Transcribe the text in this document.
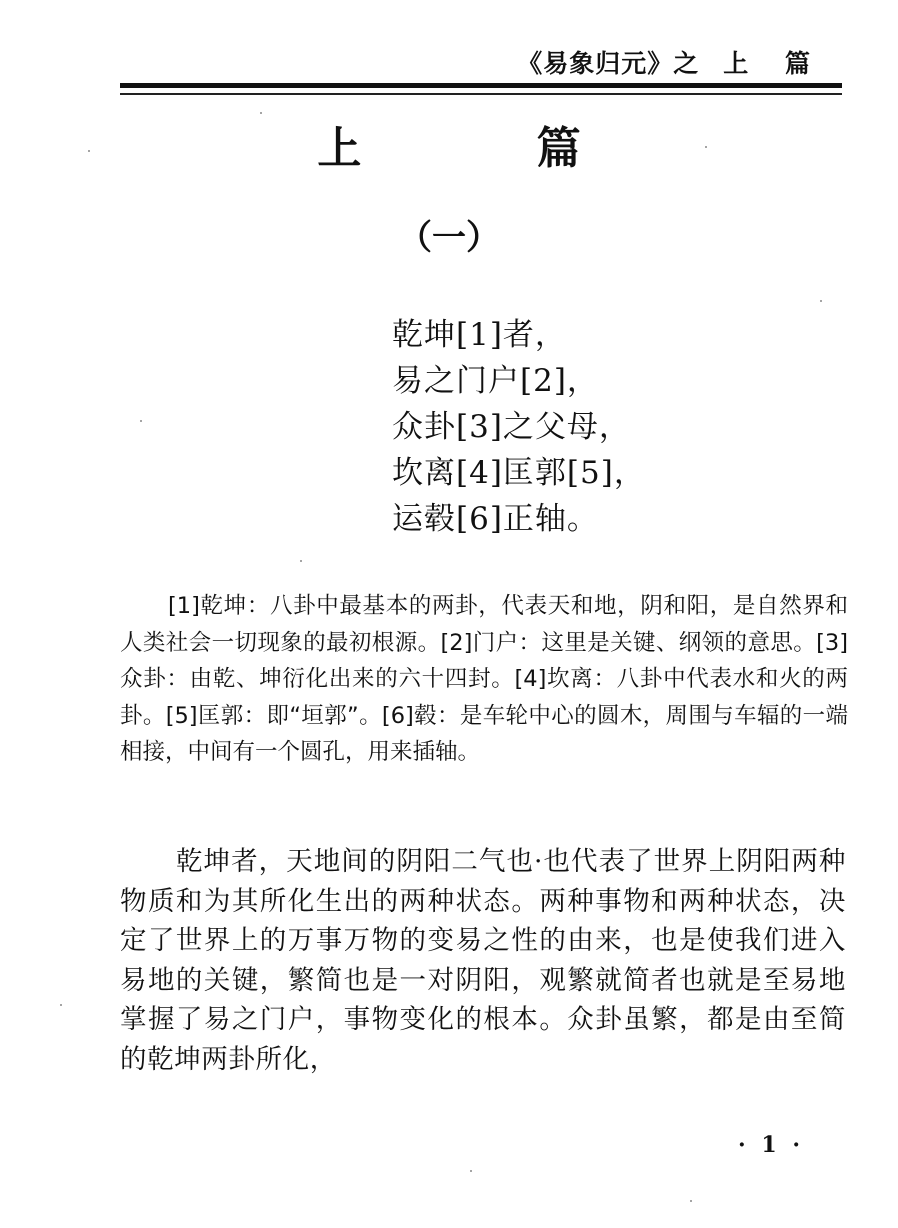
《易象归元》之 上 篇
上 篇
（一）
乾坤[1]者，
易之门户[2]，
众卦[3]之父母，
坎离[4]匡郭[5]，
运毂[6]正轴。

[1]乾坤：八卦中最基本的两卦，代表天和地，阴和阳，是自然界和人类社会一切现象的最初根源。[2]门户：这里是关键、纲领的意思。[3]众卦：由乾、坤衍化出来的六十四封。[4]坎离：八卦中代表水和火的两卦。[5]匡郭：即“垣郭”。[6]毂：是车轮中心的圆木，周围与车辐的一端相接，中间有一个圆孔，用来插轴。

乾坤者，天地间的阴阳二气也·也代表了世界上阴阳两种物质和为其所化生出的两种状态。两种事物和两种状态，决定了世界上的万事万物的变易之性的由来，也是使我们进入易地的关键，繁简也是一对阴阳，观繁就简者也就是至易地掌握了易之门户，事物变化的根本。众卦虽繁，都是由至简的乾坤两卦所化，

· 1 ·
